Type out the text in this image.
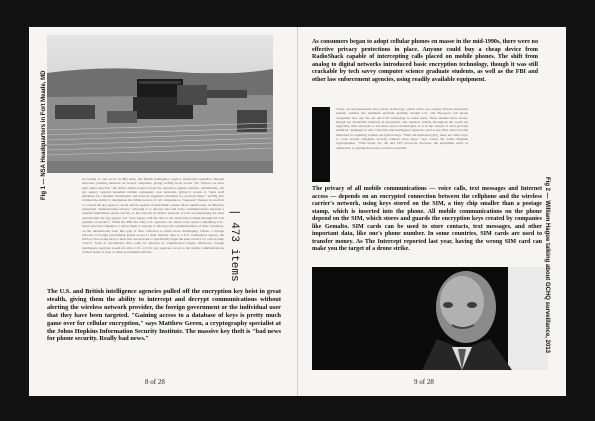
Fig 1 — NSA Headquarters in Fort Meade, MD
| 473 items
According to one secret GCHQ slide, the British intelligence agency penetrated Gemalto's internal networks, planting malware on several computers, giving GCHQ secret access. We "believe we have their entire network," the slide's author boasted about the operation against Gemalto. Additionally, the spy agency targeted unnamed cellular companies' core networks, giving it access to "sales staff machines for customer information and network engineers machines for network maps." GCHQ also claimed the ability to manipulate the billing servers of cell companies to "suppress" charges in an effort to conceal the spy agency's secret actions against an individual's phone. Most significantly, GCHQ also penetrated "authentication servers," allowing it to decrypt data and voice communications between a targeted individual's phone and his or her telecom provider's network. A note accompanying the slide asserted that the spy agency was "very happy with the data so far and [was] working through the vast quantity of product." While the FBI and other U.S. agencies can obtain court orders compelling U.S.-based telecom companies to allow them to wiretap or intercept the communications of their customers, on the international front this type of data collection is much more challenging. Unless a foreign telecom or foreign government grants access to their citizens' data to a U.S. intelligence agency, the NSA or CIA would have to hack into the network or specifically target the user's device for a more risky "active" form of surveillance that could be detected by sophisticated targets. Moreover, foreign intelligence agencies would not allow U.S. or U.K. spy agencies access to the mobile communications of their heads of state or other government officials.
The U.S. and British intelligence agencies pulled off the encryption key heist in great stealth, giving them the ability to intercept and decrypt communications without alerting the wireless network provider, the foreign government or the individual user that they have been targeted. "Gaining access to a database of keys is pretty much game over for cellular encryption," says Matthew Green, a cryptography specialist at the Johns Hopkins Information Security Institute. The massive key theft is "bad news for phone security. Really bad news."
8 of 28
As consumers began to adopt cellular phones en masse in the mid-1990s, there were no effective privacy protections in place. Anyone could buy a cheap device from RadioShack capable of intercepting calls placed on mobile phones. The shift from analog to digital networks introduced basic encryption technology, though it was still crackable by tech savvy computer science graduate students, as well as the FBI and other law enforcement agencies, using readily available equipment.
Today, second-generation (2G) phone technology, which relies on a deeply flawed encryption system, remains the dominant platform globally, though U.S. and European cell phone companies now use 3G, 4G and LTE technology in urban areas. These include more secure, though not invincible, methods of encryption, and wireless carriers throughout the world are upgrading their networks to use these newer technologies. It is in the context of such growing technical challenges to data collection that intelligence agencies, such as the NSA, have become interested in acquiring cellular encryption keys. "With old-fashioned [2G], there are other ways to work around cellphone security without those keys," says Green, the Johns Hopkins cryptographer. "With newer 3G, 4G and LTE protocols, however, the algorithms aren't as vulnerable, so getting those keys would be essential."
The privacy of all mobile communications — voice calls, text messages and Internet access — depends on an encrypted connection between the cellphone and the wireless carrier's network, using keys stored on the SIM, a tiny chip smaller than a postage stamp, which is inserted into the phone. All mobile communications on the phone depend on the SIM, which stores and guards the encryption keys created by companies like Gemalto. SIM cards can be used to store contacts, text messages, and other important data, like one's phone number. In some countries, SIM cards are used to transfer money. As The Intercept reported last year, having the wrong SIM card can make you the target of a drone strike.	Fig 2 — William Hague talking about GCHQ surveillance, 2013
9 of 28
